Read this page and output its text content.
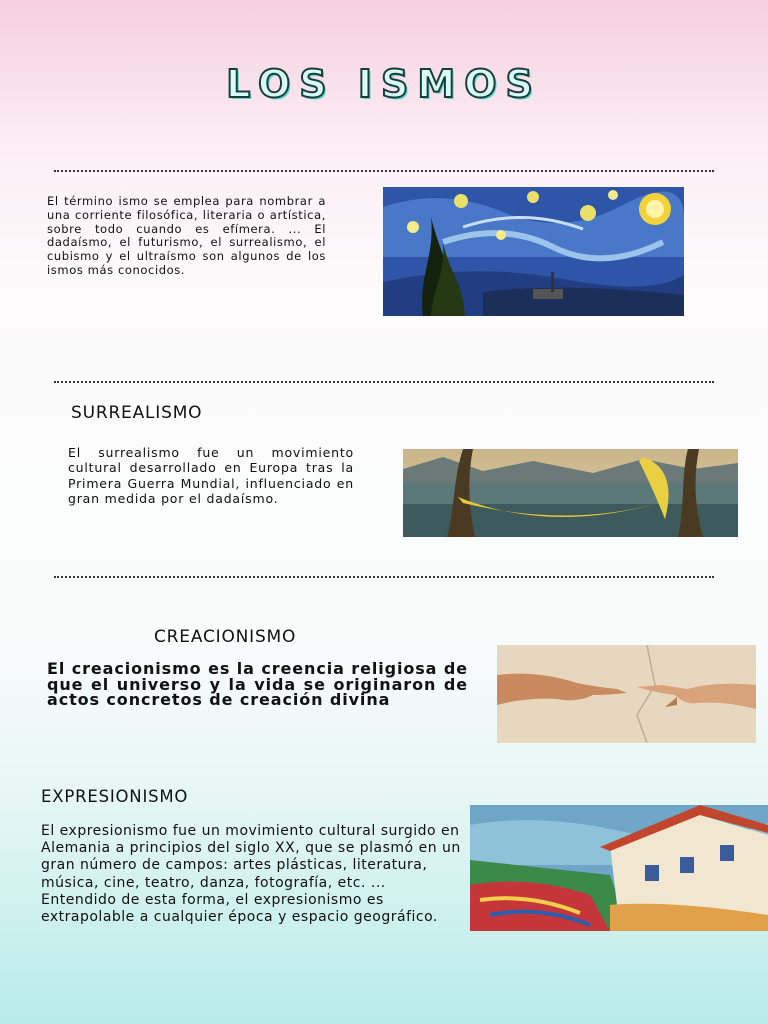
LOS ISMOS

El término ismo se emplea para nombrar a una corriente filosófica, literaria o artística, sobre todo cuando es efímera. ... El dadaísmo, el futurismo, el surrealismo, el cubismo y el ultraísmo son algunos de los ismos más conocidos.

SURREALISMO

El surrealismo fue un movimiento cultural desarrollado en Europa tras la Primera Guerra Mundial, influenciado en gran medida por el dadaísmo.

CREACIONISMO

El creacionismo es la creencia religiosa de que el universo y la vida se originaron de actos concretos de creación divina

EXPRESIONISMO

El expresionismo fue un movimiento cultural surgido en Alemania a principios del siglo XX, que se plasmó en un gran número de campos: artes plásticas, literatura, música, cine, teatro, danza, fotografía, etc. ... Entendido de esta forma, el expresionismo es extrapolable a cualquier época y espacio geográfico.
